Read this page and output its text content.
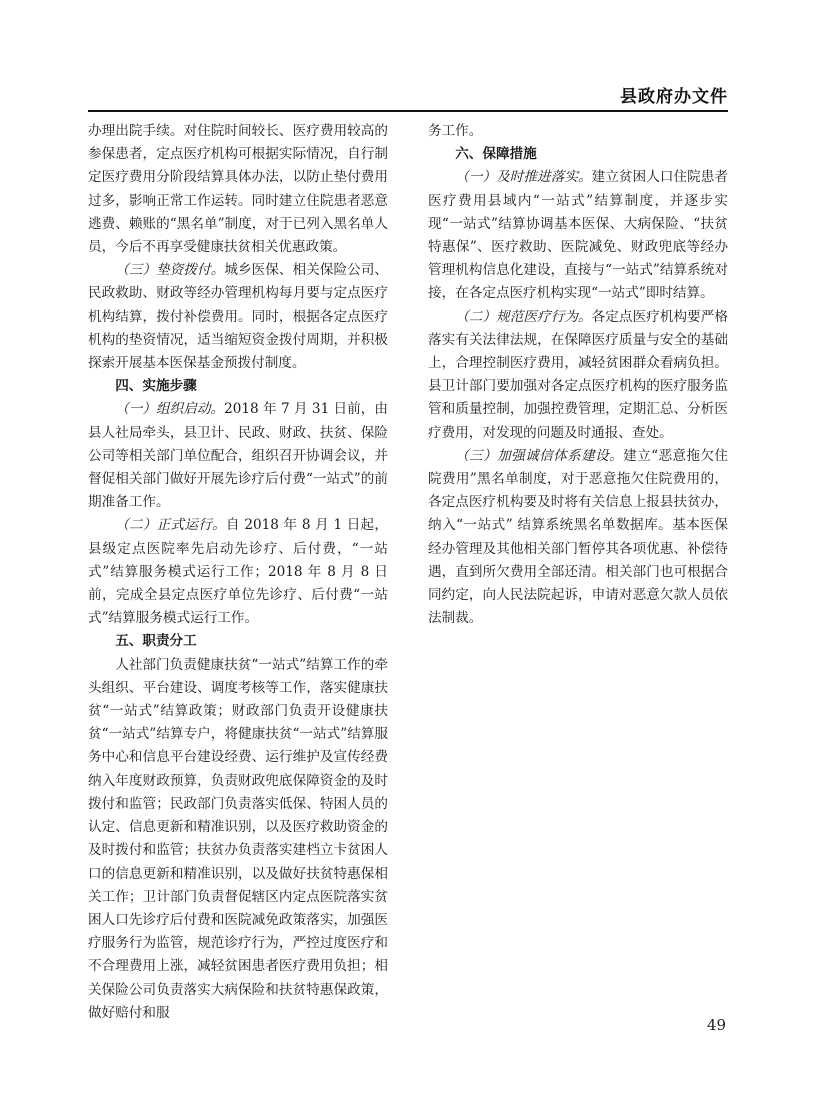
县政府办文件

办理出院手续。对住院时间较长、医疗费用较高的参保患者，定点医疗机构可根据实际情况，自行制定医疗费用分阶段结算具体办法，以防止垫付费用过多，影响正常工作运转。同时建立住院患者恶意逃费、赖账的“黑名单”制度，对于已列入黑名单人员，今后不再享受健康扶贫相关优惠政策。

（三）垫资拨付。城乡医保、相关保险公司、民政救助、财政等经办管理机构每月要与定点医疗机构结算，拨付补偿费用。同时，根据各定点医疗机构的垫资情况，适当缩短资金拨付周期，并积极探索开展基本医保基金预拨付制度。

四、实施步骤

（一）组织启动。2018 年 7 月 31 日前，由县人社局牵头，县卫计、民政、财政、扶贫、保险公司等相关部门单位配合，组织召开协调会议，并督促相关部门做好开展先诊疗后付费“一站式”的前期准备工作。

（二）正式运行。自 2018 年 8 月 1 日起，县级定点医院率先启动先诊疗、后付费，“一站式”结算服务模式运行工作；2018 年 8 月 8 日前，完成全县定点医疗单位先诊疗、后付费“一站式”结算服务模式运行工作。

五、职责分工

人社部门负责健康扶贫“一站式”结算工作的牵头组织、平台建设、调度考核等工作，落实健康扶贫“一站式”结算政策；财政部门负责开设健康扶贫“一站式”结算专户，将健康扶贫“一站式”结算服务中心和信息平台建设经费、运行维护及宣传经费纳入年度财政预算，负责财政兜底保障资金的及时拨付和监管；民政部门负责落实低保、特困人员的认定、信息更新和精准识别，以及医疗救助资金的及时拨付和监管；扶贫办负责落实建档立卡贫困人口的信息更新和精准识别，以及做好扶贫特惠保相关工作；卫计部门负责督促辖区内定点医院落实贫困人口先诊疗后付费和医院减免政策落实，加强医疗服务行为监管，规范诊疗行为，严控过度医疗和不合理费用上涨，减轻贫困患者医疗费用负担；相关保险公司负责落实大病保险和扶贫特惠保政策，做好赔付和服

务工作。

六、保障措施

（一）及时推进落实。建立贫困人口住院患者医疗费用县域内“一站式”结算制度，并逐步实现“一站式”结算协调基本医保、大病保险、“扶贫特惠保”、医疗救助、医院减免、财政兜底等经办管理机构信息化建设，直接与“一站式”结算系统对接，在各定点医疗机构实现“一站式”即时结算。

（二）规范医疗行为。各定点医疗机构要严格落实有关法律法规，在保障医疗质量与安全的基础上，合理控制医疗费用，减轻贫困群众看病负担。县卫计部门要加强对各定点医疗机构的医疗服务监管和质量控制，加强控费管理，定期汇总、分析医疗费用，对发现的问题及时通报、查处。

（三）加强诚信体系建设。建立“恶意拖欠住院费用”黑名单制度，对于恶意拖欠住院费用的，各定点医疗机构要及时将有关信息上报县扶贫办，纳入“一站式” 结算系统黑名单数据库。基本医保经办管理及其他相关部门暂停其各项优惠、补偿待遇，直到所欠费用全部还清。相关部门也可根据合同约定，向人民法院起诉，申请对恶意欠款人员依法制裁。

49
